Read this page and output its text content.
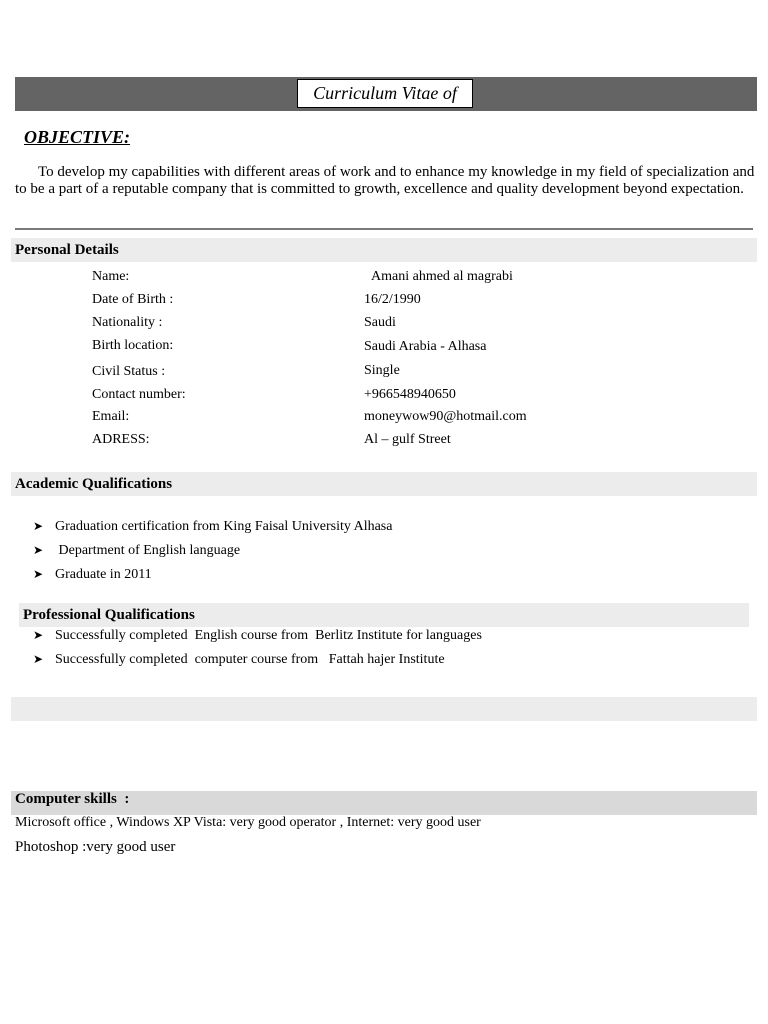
Curriculum Vitae of
OBJECTIVE:
To develop my capabilities with different areas of work and to enhance my knowledge in my field of specialization and to be a part of a reputable company that is committed to growth, excellence and quality development beyond expectation.
Personal Details
Name:	Amani ahmed al magrabi
Date of Birth :	16/2/1990
Nationality :	Saudi
Birth location:	Saudi Arabia - Alhasa
Civil Status :	Single
Contact number:	+966548940650
Email:	moneywow90@hotmail.com
ADRESS:	Al – gulf Street
Academic Qualifications
➤ Graduation certification from King Faisal University Alhasa
➤ Department of English language
➤ Graduate in 2011
Professional Qualifications
➤ Successfully completed  English course from  Berlitz Institute for languages
➤ Successfully completed  computer course from   Fattah hajer Institute
Computer skills  :
Microsoft office , Windows XP Vista: very good operator , Internet: very good user
Photoshop :very good user
